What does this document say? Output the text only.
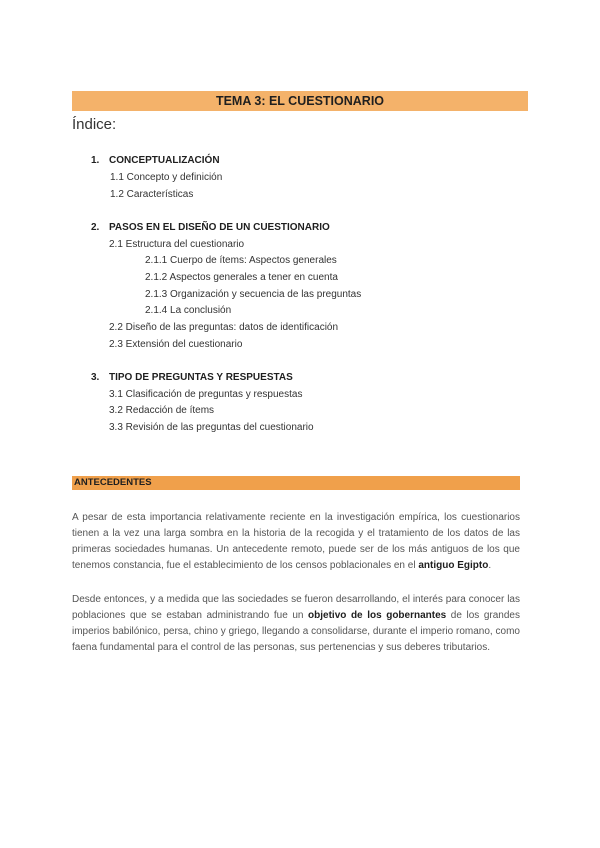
TEMA 3: EL CUESTIONARIO
Índice:
1. CONCEPTUALIZACIÓN
1.1 Concepto y definición
1.2 Características
2. PASOS EN EL DISEÑO DE UN CUESTIONARIO
2.1 Estructura del cuestionario
2.1.1 Cuerpo de ítems: Aspectos generales
2.1.2 Aspectos generales a tener en cuenta
2.1.3 Organización y secuencia de las preguntas
2.1.4 La conclusión
2.2 Diseño de las preguntas: datos de identificación
2.3 Extensión del cuestionario
3. TIPO DE PREGUNTAS Y RESPUESTAS
3.1 Clasificación de preguntas y respuestas
3.2 Redacción de ítems
3.3 Revisión de las preguntas del cuestionario
ANTECEDENTES
A pesar de esta importancia relativamente reciente en la investigación empírica, los cuestionarios tienen a la vez una larga sombra en la historia de la recogida y el tratamiento de los datos de las primeras sociedades humanas. Un antecedente remoto, puede ser de los más antiguos de los que tenemos constancia, fue el establecimiento de los censos poblacionales en el antiguo Egipto.
Desde entonces, y a medida que las sociedades se fueron desarrollando, el interés para conocer las poblaciones que se estaban administrando fue un objetivo de los gobernantes de los grandes imperios babilónico, persa, chino y griego, llegando a consolidarse, durante el imperio romano, como faena fundamental para el control de las personas, sus pertenencias y sus deberes tributarios.
